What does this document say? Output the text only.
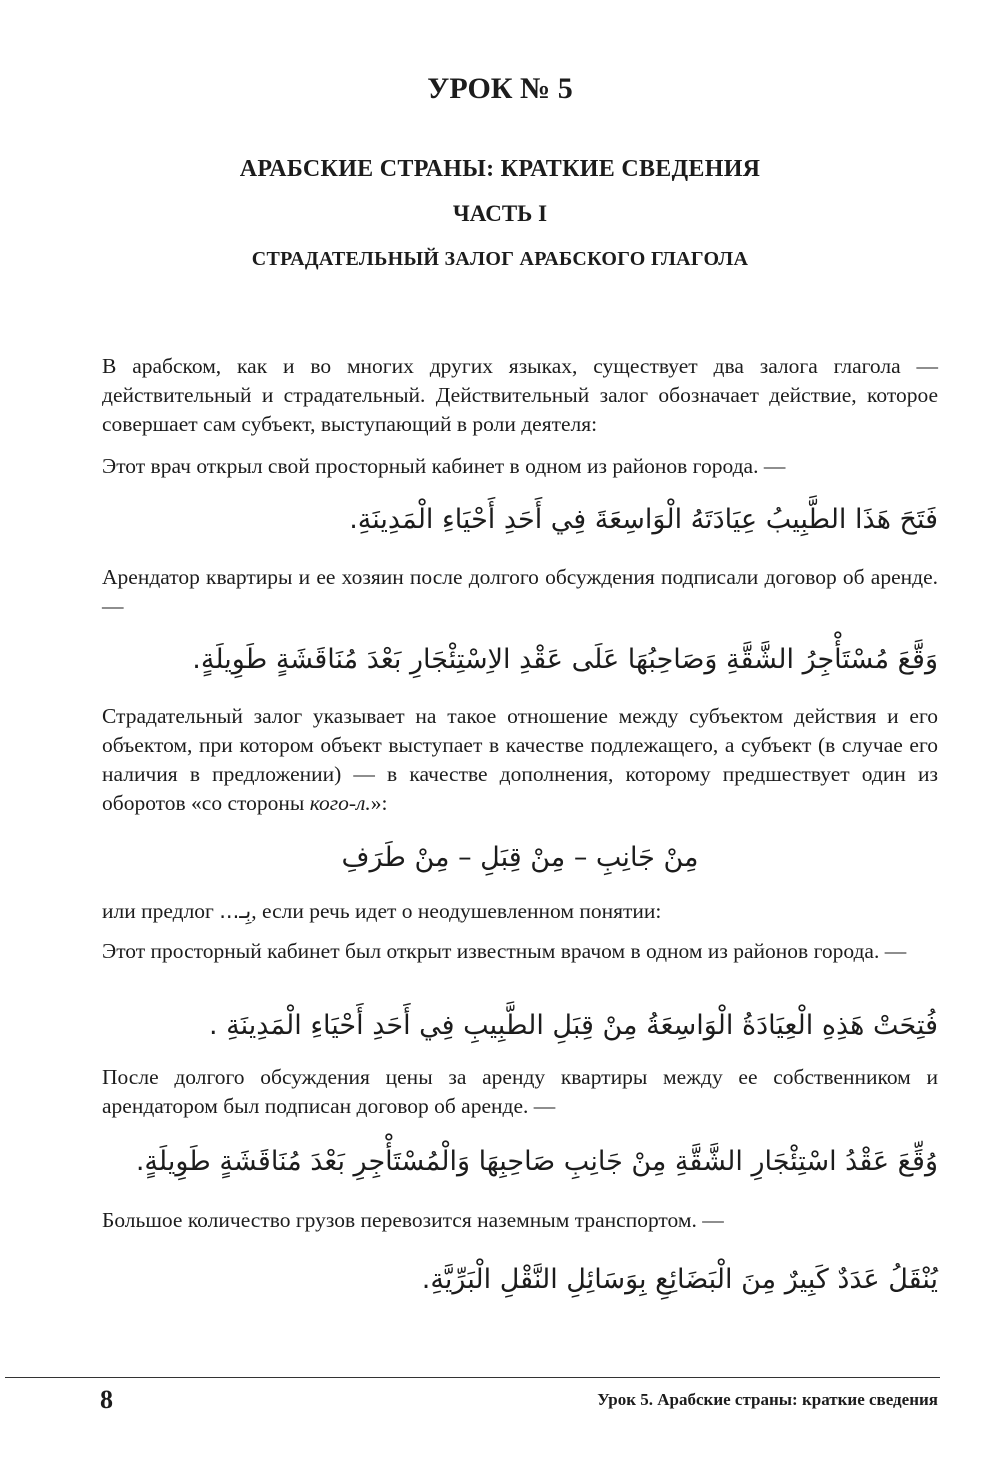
УРОК № 5
АРАБСКИЕ СТРАНЫ: КРАТКИЕ СВЕДЕНИЯ
ЧАСТЬ I
СТРАДАТЕЛЬНЫЙ ЗАЛОГ АРАБСКОГО ГЛАГОЛА

В арабском, как и во многих других языках, существует два залога глагола — действительный и страдательный. Действительный залог обозначает действие, которое совершает сам субъект, выступающий в роли деятеля:

Этот врач открыл свой просторный кабинет в одном из районов города. —

فَتَحَ هَذَا الطَّبِيبُ عِيَادَتَهُ الْوَاسِعَةَ فِي أَحَدِ أَحْيَاءِ الْمَدِينَةِ.

Арендатор квартиры и ее хозяин после долгого обсуждения подписали договор об аренде. —

وَقَّعَ مُسْتَأْجِرُ الشَّقَّةِ وَصَاحِبُهَا عَلَى عَقْدِ الاِسْتِئْجَارِ بَعْدَ مُنَاقَشَةٍ طَوِيلَةٍ.

Страдательный залог указывает на такое отношение между субъектом действия и его объектом, при котором объект выступает в качестве подлежащего, а субъект (в случае его наличия в предложении) — в качестве дополнения, которому предшествует один из оборотов «со стороны кого-л.»:

مِنْ جَانِبِ – مِنْ قِبَلِ – مِنْ طَرَفِ

или предлог بِـ..., если речь идет о неодушевленном понятии:

Этот просторный кабинет был открыт известным врачом в одном из районов города. —

فُتِحَتْ هَذِهِ الْعِيَادَةُ الْوَاسِعَةُ مِنْ قِبَلِ الطَّبِيبِ فِي أَحَدِ أَحْيَاءِ الْمَدِينَةِ .

После долгого обсуждения цены за аренду квартиры между ее собственником и арендатором был подписан договор об аренде. —

وُقِّعَ عَقْدُ اسْتِئْجَارِ الشَّقَّةِ مِنْ جَانِبِ صَاحِبِهَا وَالْمُسْتَأْجِرِ بَعْدَ مُنَاقَشَةٍ طَوِيلَةٍ.

Большое количество грузов перевозится наземным транспортом. —

يُنْقَلُ عَدَدٌ كَبِيرٌ مِنَ الْبَضَائِعِ بِوَسَائِلِ النَّقْلِ الْبَرِّيَّةِ.

8	Урок 5. Арабские страны: краткие сведения
